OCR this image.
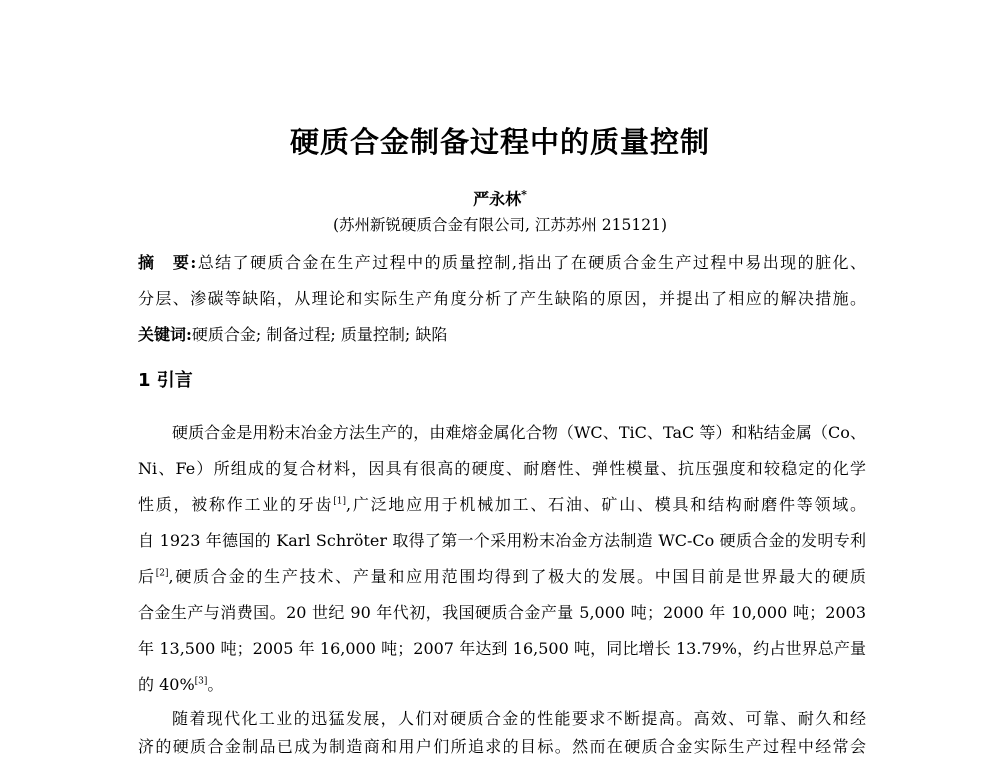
硬质合金制备过程中的质量控制
严永林*
(苏州新锐硬质合金有限公司, 江苏苏州 215121)
摘　要:总结了硬质合金在生产过程中的质量控制,指出了在硬质合金生产过程中易出现的脏化、
分层、渗碳等缺陷，从理论和实际生产角度分析了产生缺陷的原因，并提出了相应的解决措施。
关键词:硬质合金; 制备过程; 质量控制; 缺陷
1 引言
硬质合金是用粉末冶金方法生产的，由难熔金属化合物（WC、TiC、TaC 等）和粘结金属（Co、
Ni、Fe）所组成的复合材料，因具有很高的硬度、耐磨性、弹性模量、抗压强度和较稳定的化学
性质，被称作工业的牙齿[1],广泛地应用于机械加工、石油、矿山、模具和结构耐磨件等领域。
自 1923 年德国的 Karl Schröter 取得了第一个采用粉末冶金方法制造 WC-Co 硬质合金的发明专利
后[2],硬质合金的生产技术、产量和应用范围均得到了极大的发展。中国目前是世界最大的硬质
合金生产与消费国。20 世纪 90 年代初，我国硬质合金产量 5,000 吨；2000 年 10,000 吨；2003
年 13,500 吨；2005 年 16,000 吨；2007 年达到 16,500 吨，同比增长 13.79%，约占世界总产量
的 40%[3]。
随着现代化工业的迅猛发展，人们对硬质合金的性能要求不断提高。高效、可靠、耐久和经
济的硬质合金制品已成为制造商和用户们所追求的目标。然而在硬质合金实际生产过程中经常会
